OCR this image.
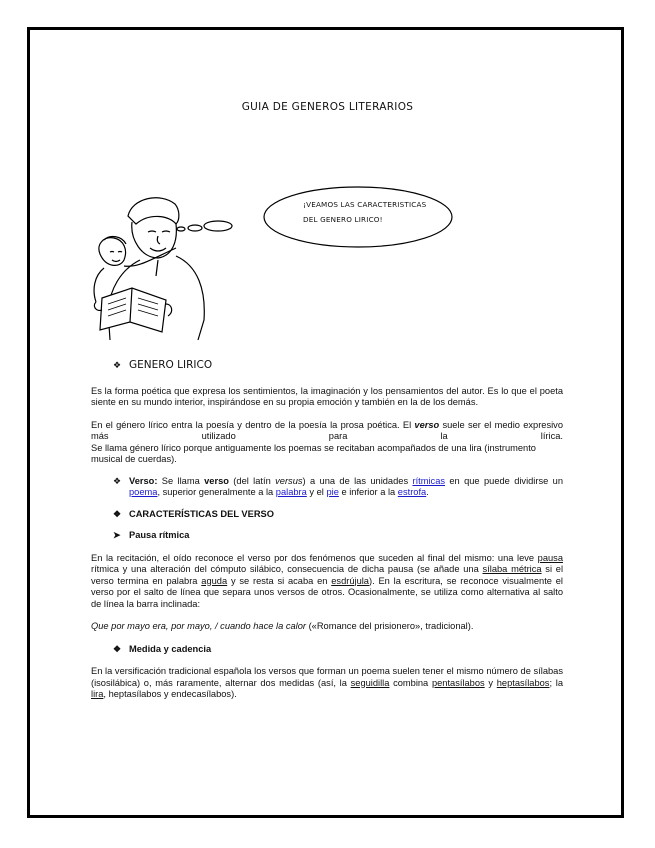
GUIA DE GENEROS LITERARIOS
¡VEAMOS LAS CARACTERISTICAS
DEL GENERO LIRICO!
❖ GENERO LIRICO

Es la forma poética que expresa los sentimientos, la imaginación y los pensamientos del autor. Es lo que el poeta siente en su mundo interior, inspirándose en su propia emoción y también en la de los demás.

En el género lírico entra la poesía y dentro de la poesía la prosa poética. El verso suele ser el medio expresivo más utilizado para la lírica.

Se llama género lírico porque antiguamente los poemas se recitaban acompañados de una lira (instrumento musical de cuerdas).

❖ Verso: Se llama verso (del latín versus) a una de las unidades rítmicas en que puede dividirse un poema, superior generalmente a la palabra y el pie e inferior a la estrofa.

❖ CARACTERÍSTICAS DEL VERSO
➤ Pausa rítmica

En la recitación, el oído reconoce el verso por dos fenómenos que suceden al final del mismo: una leve pausa rítmica y una alteración del cómputo silábico, consecuencia de dicha pausa (se añade una sílaba métrica si el verso termina en palabra aguda y se resta si acaba en esdrújula). En la escritura, se reconoce visualmente el verso por el salto de línea que separa unos versos de otros. Ocasionalmente, se utiliza como alternativa al salto de línea la barra inclinada:

Que por mayo era, por mayo, / cuando hace la calor («Romance del prisionero», tradicional).

❖ Medida y cadencia

En la versificación tradicional española los versos que forman un poema suelen tener el mismo número de sílabas (isosilábica) o, más raramente, alternar dos medidas (así, la seguidilla combina pentasílabos y heptasílabos; la lira, heptasílabos y endecasílabos).
